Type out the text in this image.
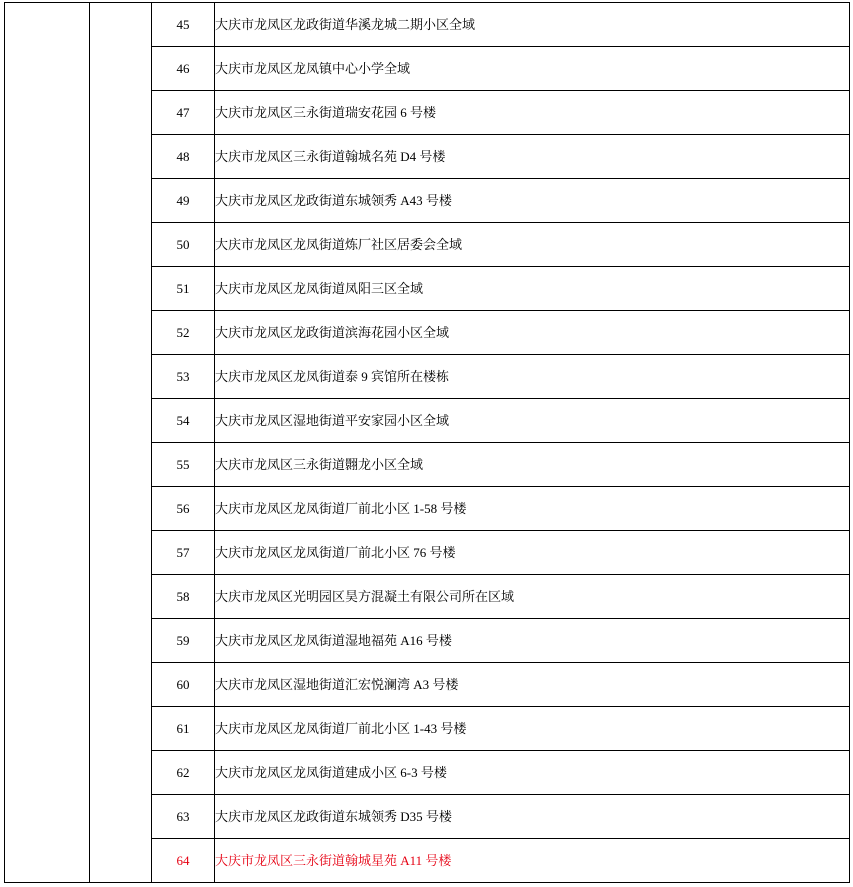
		45	大庆市龙凤区龙政街道华溪龙城二期小区全域
		46	大庆市龙凤区龙凤镇中心小学全域
		47	大庆市龙凤区三永街道瑞安花园 6 号楼
		48	大庆市龙凤区三永街道翰城名苑 D4 号楼
		49	大庆市龙凤区龙政街道东城领秀 A43 号楼
		50	大庆市龙凤区龙凤街道炼厂社区居委会全域
		51	大庆市龙凤区龙凤街道凤阳三区全域
		52	大庆市龙凤区龙政街道滨海花园小区全域
		53	大庆市龙凤区龙凤街道泰 9 宾馆所在楼栋
		54	大庆市龙凤区湿地街道平安家园小区全域
		55	大庆市龙凤区三永街道翾龙小区全域
		56	大庆市龙凤区龙凤街道厂前北小区 1-58 号楼
		57	大庆市龙凤区龙凤街道厂前北小区 76 号楼
		58	大庆市龙凤区光明园区昊方混凝土有限公司所在区域
		59	大庆市龙凤区龙凤街道湿地福苑 A16 号楼
		60	大庆市龙凤区湿地街道汇宏悦澜湾 A3 号楼
		61	大庆市龙凤区龙凤街道厂前北小区 1-43 号楼
		62	大庆市龙凤区龙凤街道建成小区 6-3 号楼
		63	大庆市龙凤区龙政街道东城领秀 D35 号楼
		64	大庆市龙凤区三永街道翰城星苑 A11 号楼
